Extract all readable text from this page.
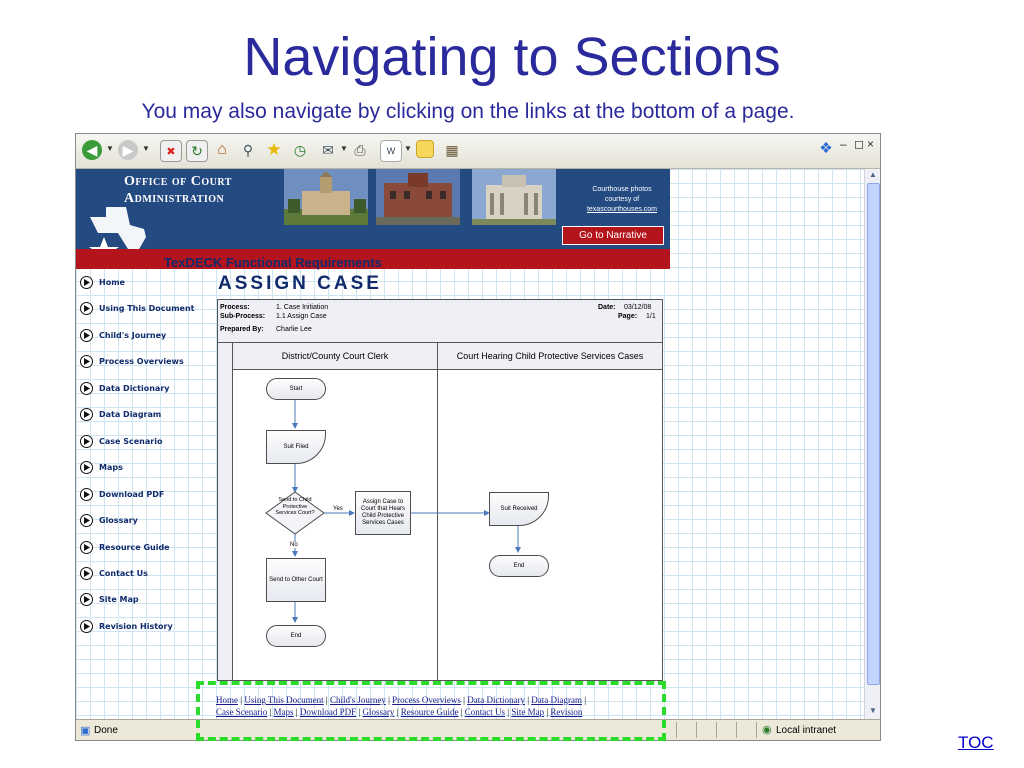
Navigating to Sections
You may also navigate by clicking on the links at the bottom of a page.
◀	▼ ▶	▼	✖	↻ ⌂	⚲ ★ ◷ ✉ ▼ ⎙	W	▼ ▦	❖ – ◻ ×
Office of Court
Administration
Courthouse photos
courtesy of
texascourthouses.com
Go to Narrative
TexDECK Functional Requirements
ASSIGN CASE
Home
Using This Document
Child's Journey
Process Overviews
Data Dictionary
Data Diagram
Case Scenario
Maps
Download PDF
Glossary
Resource Guide
Contact Us
Site Map
Revision History
Process:	1. Case Initiation
Sub-Process: 1.1 Assign Case
Prepared By: Charlie Lee
Date: 03/12/08
Page: 1/1
District/County Court Clerk	Court Hearing Child Protective Services Cases
Start
Suit Filed
Send to Child Protective Services Court?
Yes
No
Assign Case to Court that Hears Child Protective Services Cases
Send to Other Court
End
Suit Received
End
Home | Using This Document | Child's Journey | Process Overviews | Data Dictionary | Data Diagram |
Case Scenario | Maps | Download PDF | Glossary | Resource Guide | Contact Us | Site Map | Revision
▲
▼
▣ Done	◉ Local intranet
TOC
